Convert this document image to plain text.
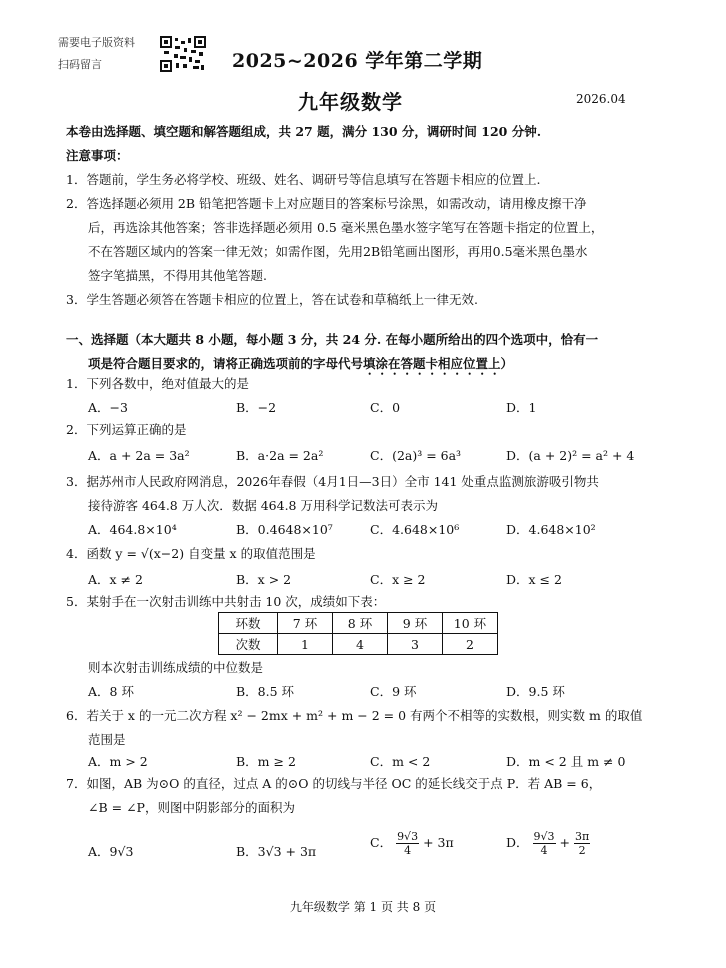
需要电子版资料
扫码留言	2025~2026 学年第二学期
九年级数学	2026.04
本卷由选择题、填空题和解答题组成，共 27 题，满分 130 分，调研时间 120 分钟.
注意事项：
1．答题前，学生务必将学校、班级、姓名、调研号等信息填写在答题卡相应的位置上.
2．答选择题必须用 2B 铅笔把答题卡上对应题目的答案标号涂黑，如需改动，请用橡皮擦干净
后，再选涂其他答案；答非选择题必须用 0.5 毫米黑色墨水签字笔写在答题卡指定的位置上，
不在答题区域内的答案一律无效；如需作图，先用2B铅笔画出图形，再用0.5毫米黑色墨水
签字笔描黑，不得用其他笔答题.
3．学生答题必须答在答题卡相应的位置上，答在试卷和草稿纸上一律无效.
一、选择题（本大题共 8 小题，每小题 3 分，共 24 分. 在每小题所给出的四个选项中，恰有一
项是符合题目要求的，请将正确选项前的字母代号填涂在答题卡相应位置上）
1．下列各数中，绝对值最大的是
A．−3	B．−2	C．0	D．1
2．下列运算正确的是
A．a + 2a = 3a²	B．a·2a = 2a²	C．(2a)³ = 6a³	D．(a + 2)² = a² + 4
3．据苏州市人民政府网消息，2026年春假（4月1日—3日）全市 141 处重点监测旅游吸引物共
接待游客 464.8 万人次．数据 464.8 万用科学记数法可表示为
A．464.8×10⁴	B．0.4648×10⁷	C．4.648×10⁶	D．4.648×10²
4．函数 y = √(x−2) 自变量 x 的取值范围是
A．x ≠ 2	B．x > 2	C．x ≥ 2	D．x ≤ 2
5．某射手在一次射击训练中共射击 10 次，成绩如下表：
环数	7 环	8 环	9 环	10 环
次数	1	4	3	2
则本次射击训练成绩的中位数是
A．8 环	B．8.5 环	C．9 环	D．9.5 环
6．若关于 x 的一元二次方程 x² − 2mx + m² + m − 2 = 0 有两个不相等的实数根，则实数 m 的取值
范围是
A．m > 2	B．m ≥ 2	C．m < 2	D．m < 2 且 m ≠ 0
7．如图，AB 为⊙O 的直径，过点 A 的⊙O 的切线与半径 OC 的延长线交于点 P．若 AB = 6，
∠B = ∠P，则图中阴影部分的面积为
A．9√3	B．3√3 + 3π
C． $\frac{9√3}{4} + 3\pi$	D． $\frac{9√3}{4} + \frac{3\pi}{2}$
九年级数学 第 1 页 共 8 页
